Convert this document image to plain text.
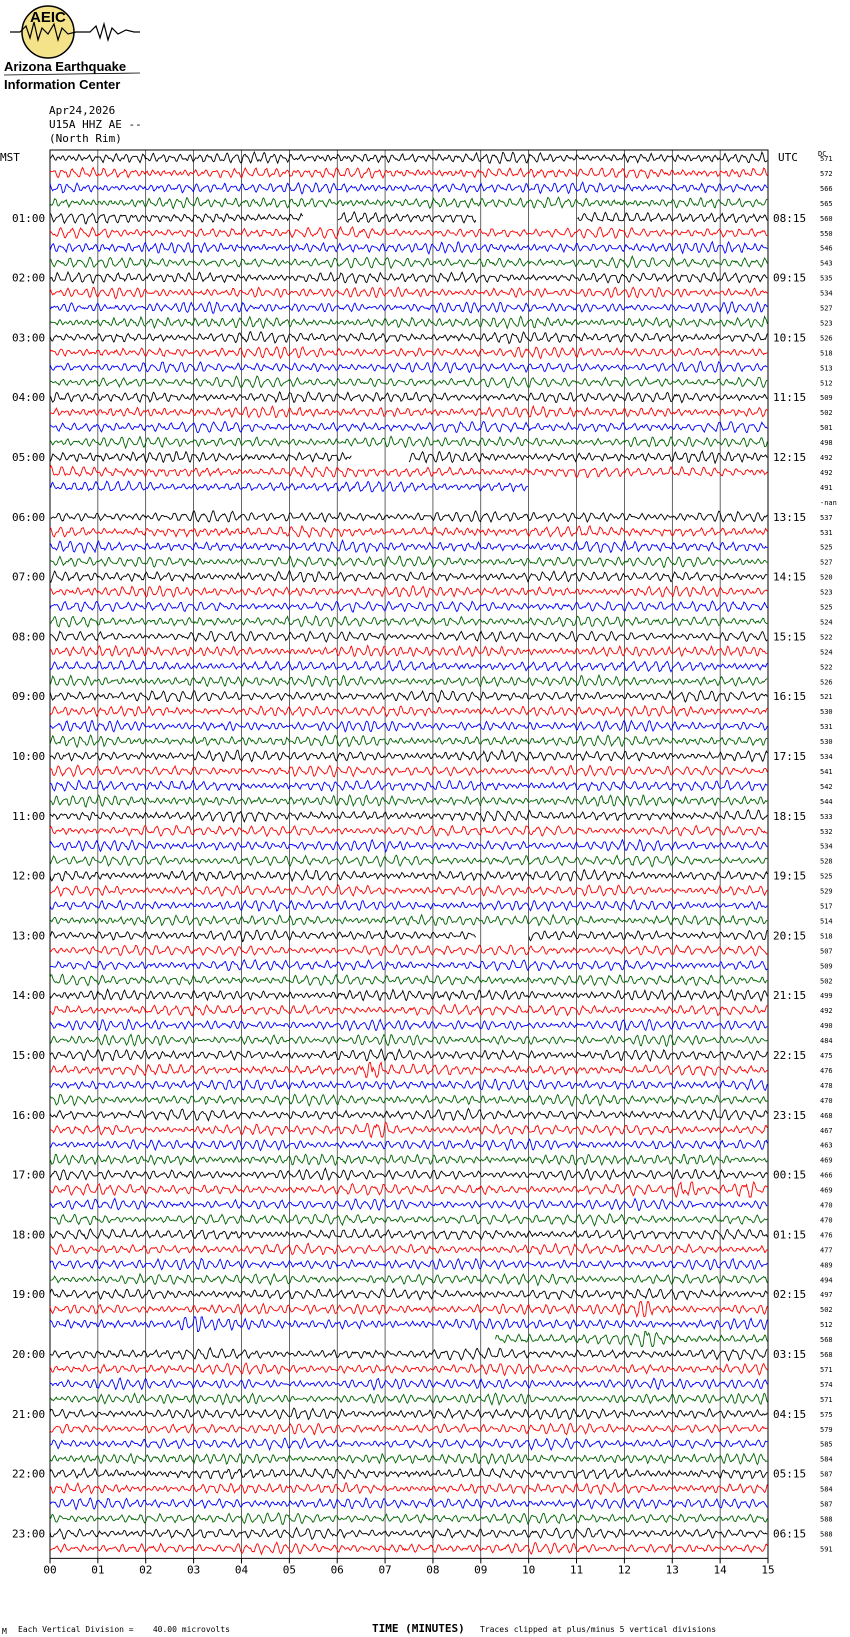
AEIC
Arizona Earthquake
Information Center
Apr24,2026
U15A HHZ AE --
(North Rim)
MST	UTC	DC
01:00
02:00
03:00
04:00
05:00
06:00
07:00
08:00
09:00
10:00
11:00
12:00
13:00
14:00
15:00
16:00
17:00
18:00
19:00
20:00
21:00
22:00
23:00
08:15
09:15
10:15
11:15
12:15
13:15
14:15
15:15
16:15
17:15
18:15
19:15
20:15
21:15
22:15
23:15
00:15
01:15
02:15
03:15
04:15
05:15
06:15
571
572
566
565
560
550
546
543
535
534
527
523
526
518
513
512
509
502
501
498
492
492
491
-nan
537
531
525
527
520
523
525
524
522
524
522
526
521
530
531
530
534
541
542
544
533
532
534
528
525
529
517
514
518
507
509
502
499
492
490
484
475
476
478
470
468
467
463
469
466
469
470
470
476
477
489
494
497
502
512
568
568
571
574
571
575
579
585
584
587
584
587
588
588
591
00	01	02	03	04	05	06	07	08	09	10	11	12	13	14	15
M Each Vertical Division =    40.00 microvolts	TIME (MINUTES) Traces clipped at plus/minus 5 vertical divisions
